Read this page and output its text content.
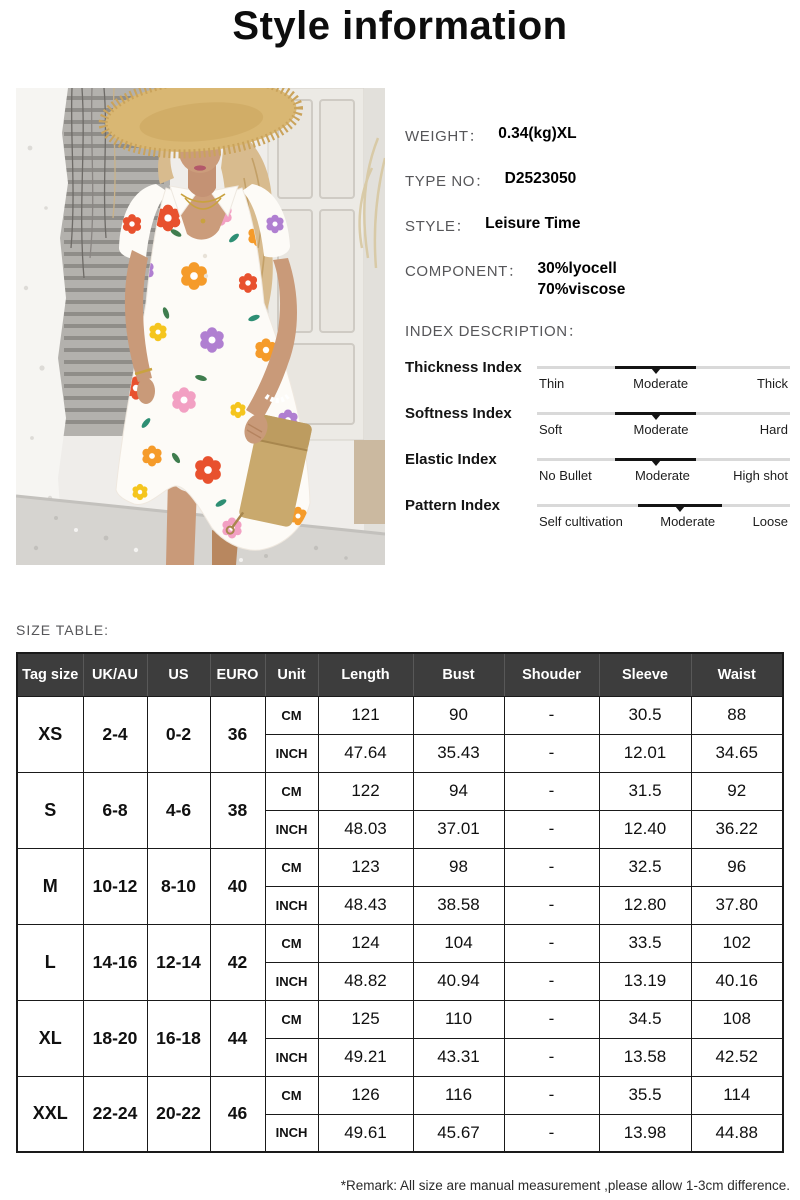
Style information
WEIGHT： 0.34(kg)XL
TYPE NO： D2523050
STYLE： Leisure Time
COMPONENT： 30%lyocell
70%viscose
INDEX DESCRIPTION：
Thickness Index
Thin	Moderate	Thick
Softness Index
Soft	Moderate	Hard
Elastic Index
No Bullet	Moderate	High shot
Pattern Index
Self cultivation	Moderate	Loose
SIZE TABLE:
Tag size	UK/AU	US	EURO	Unit	Length	Bust	Shouder	Sleeve	Waist
XS	2-4	0-2	36	CM	121	90	-	30.5	88
				INCH	47.64	35.43	-	12.01	34.65
S	6-8	4-6	38	CM	122	94	-	31.5	92
				INCH	48.03	37.01	-	12.40	36.22
M	10-12	8-10	40	CM	123	98	-	32.5	96
				INCH	48.43	38.58	-	12.80	37.80
L	14-16	12-14	42	CM	124	104	-	33.5	102
				INCH	48.82	40.94	-	13.19	40.16
XL	18-20	16-18	44	CM	125	110	-	34.5	108
				INCH	49.21	43.31	-	13.58	42.52
XXL	22-24	20-22	46	CM	126	116	-	35.5	114
				INCH	49.61	45.67	-	13.98	44.88
*Remark: All size are manual measurement ,please allow 1-3cm difference.
